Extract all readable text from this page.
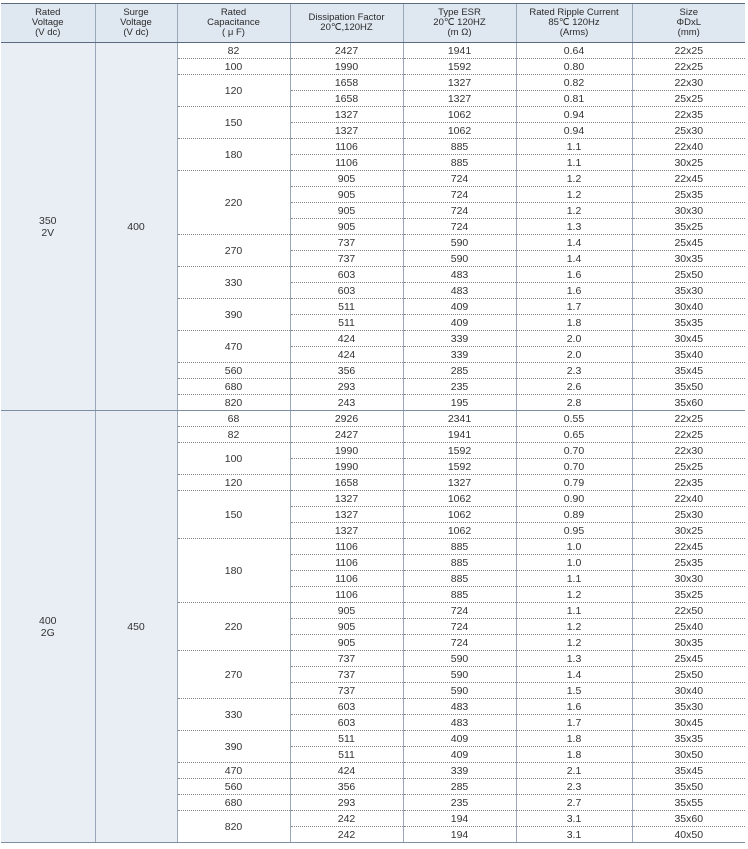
Rated
Voltage
(V dc)	Surge
Voltage
(V dc)	Rated
Capacitance
( μ F)	Dissipation Factor
20℃,120HZ	Type ESR
20℃ 120HZ
(m Ω)	Rated Ripple Current
85℃ 120Hz
(Arms)	Size
ΦDxL
(mm)

350
2V	400	82	2427	1941	0.64	22x25
		100	1990	1592	0.80	22x25
		120	1658	1327	0.82	22x30
			1658	1327	0.81	25x25
		150	1327	1062	0.94	22x35
			1327	1062	0.94	25x30
		180	1106	885	1.1	22x40
			1106	885	1.1	30x25
		220	905	724	1.2	22x45
			905	724	1.2	25x35
			905	724	1.2	30x30
			905	724	1.3	35x25
		270	737	590	1.4	25x45
			737	590	1.4	30x35
		330	603	483	1.6	25x50
			603	483	1.6	35x30
		390	511	409	1.7	30x40
			511	409	1.8	35x35
		470	424	339	2.0	30x45
			424	339	2.0	35x40
		560	356	285	2.3	35x45
		680	293	235	2.6	35x50
		820	243	195	2.8	35x60

400
2G	450	68	2926	2341	0.55	22x25
		82	2427	1941	0.65	22x25
		100	1990	1592	0.70	22x30
			1990	1592	0.70	25x25
		120	1658	1327	0.79	22x35
		150	1327	1062	0.90	22x40
			1327	1062	0.89	25x30
			1327	1062	0.95	30x25
		180	1106	885	1.0	22x45
			1106	885	1.0	25x35
			1106	885	1.1	30x30
			1106	885	1.2	35x25
		220	905	724	1.1	22x50
			905	724	1.2	25x40
			905	724	1.2	30x35
		270	737	590	1.3	25x45
			737	590	1.4	25x50
			737	590	1.5	30x40
		330	603	483	1.6	35x30
			603	483	1.7	30x45
		390	511	409	1.8	35x35
			511	409	1.8	30x50
		470	424	339	2.1	35x45
		560	356	285	2.3	35x50
		680	293	235	2.7	35x55
		820	242	194	3.1	35x60
			242	194	3.1	40x50
